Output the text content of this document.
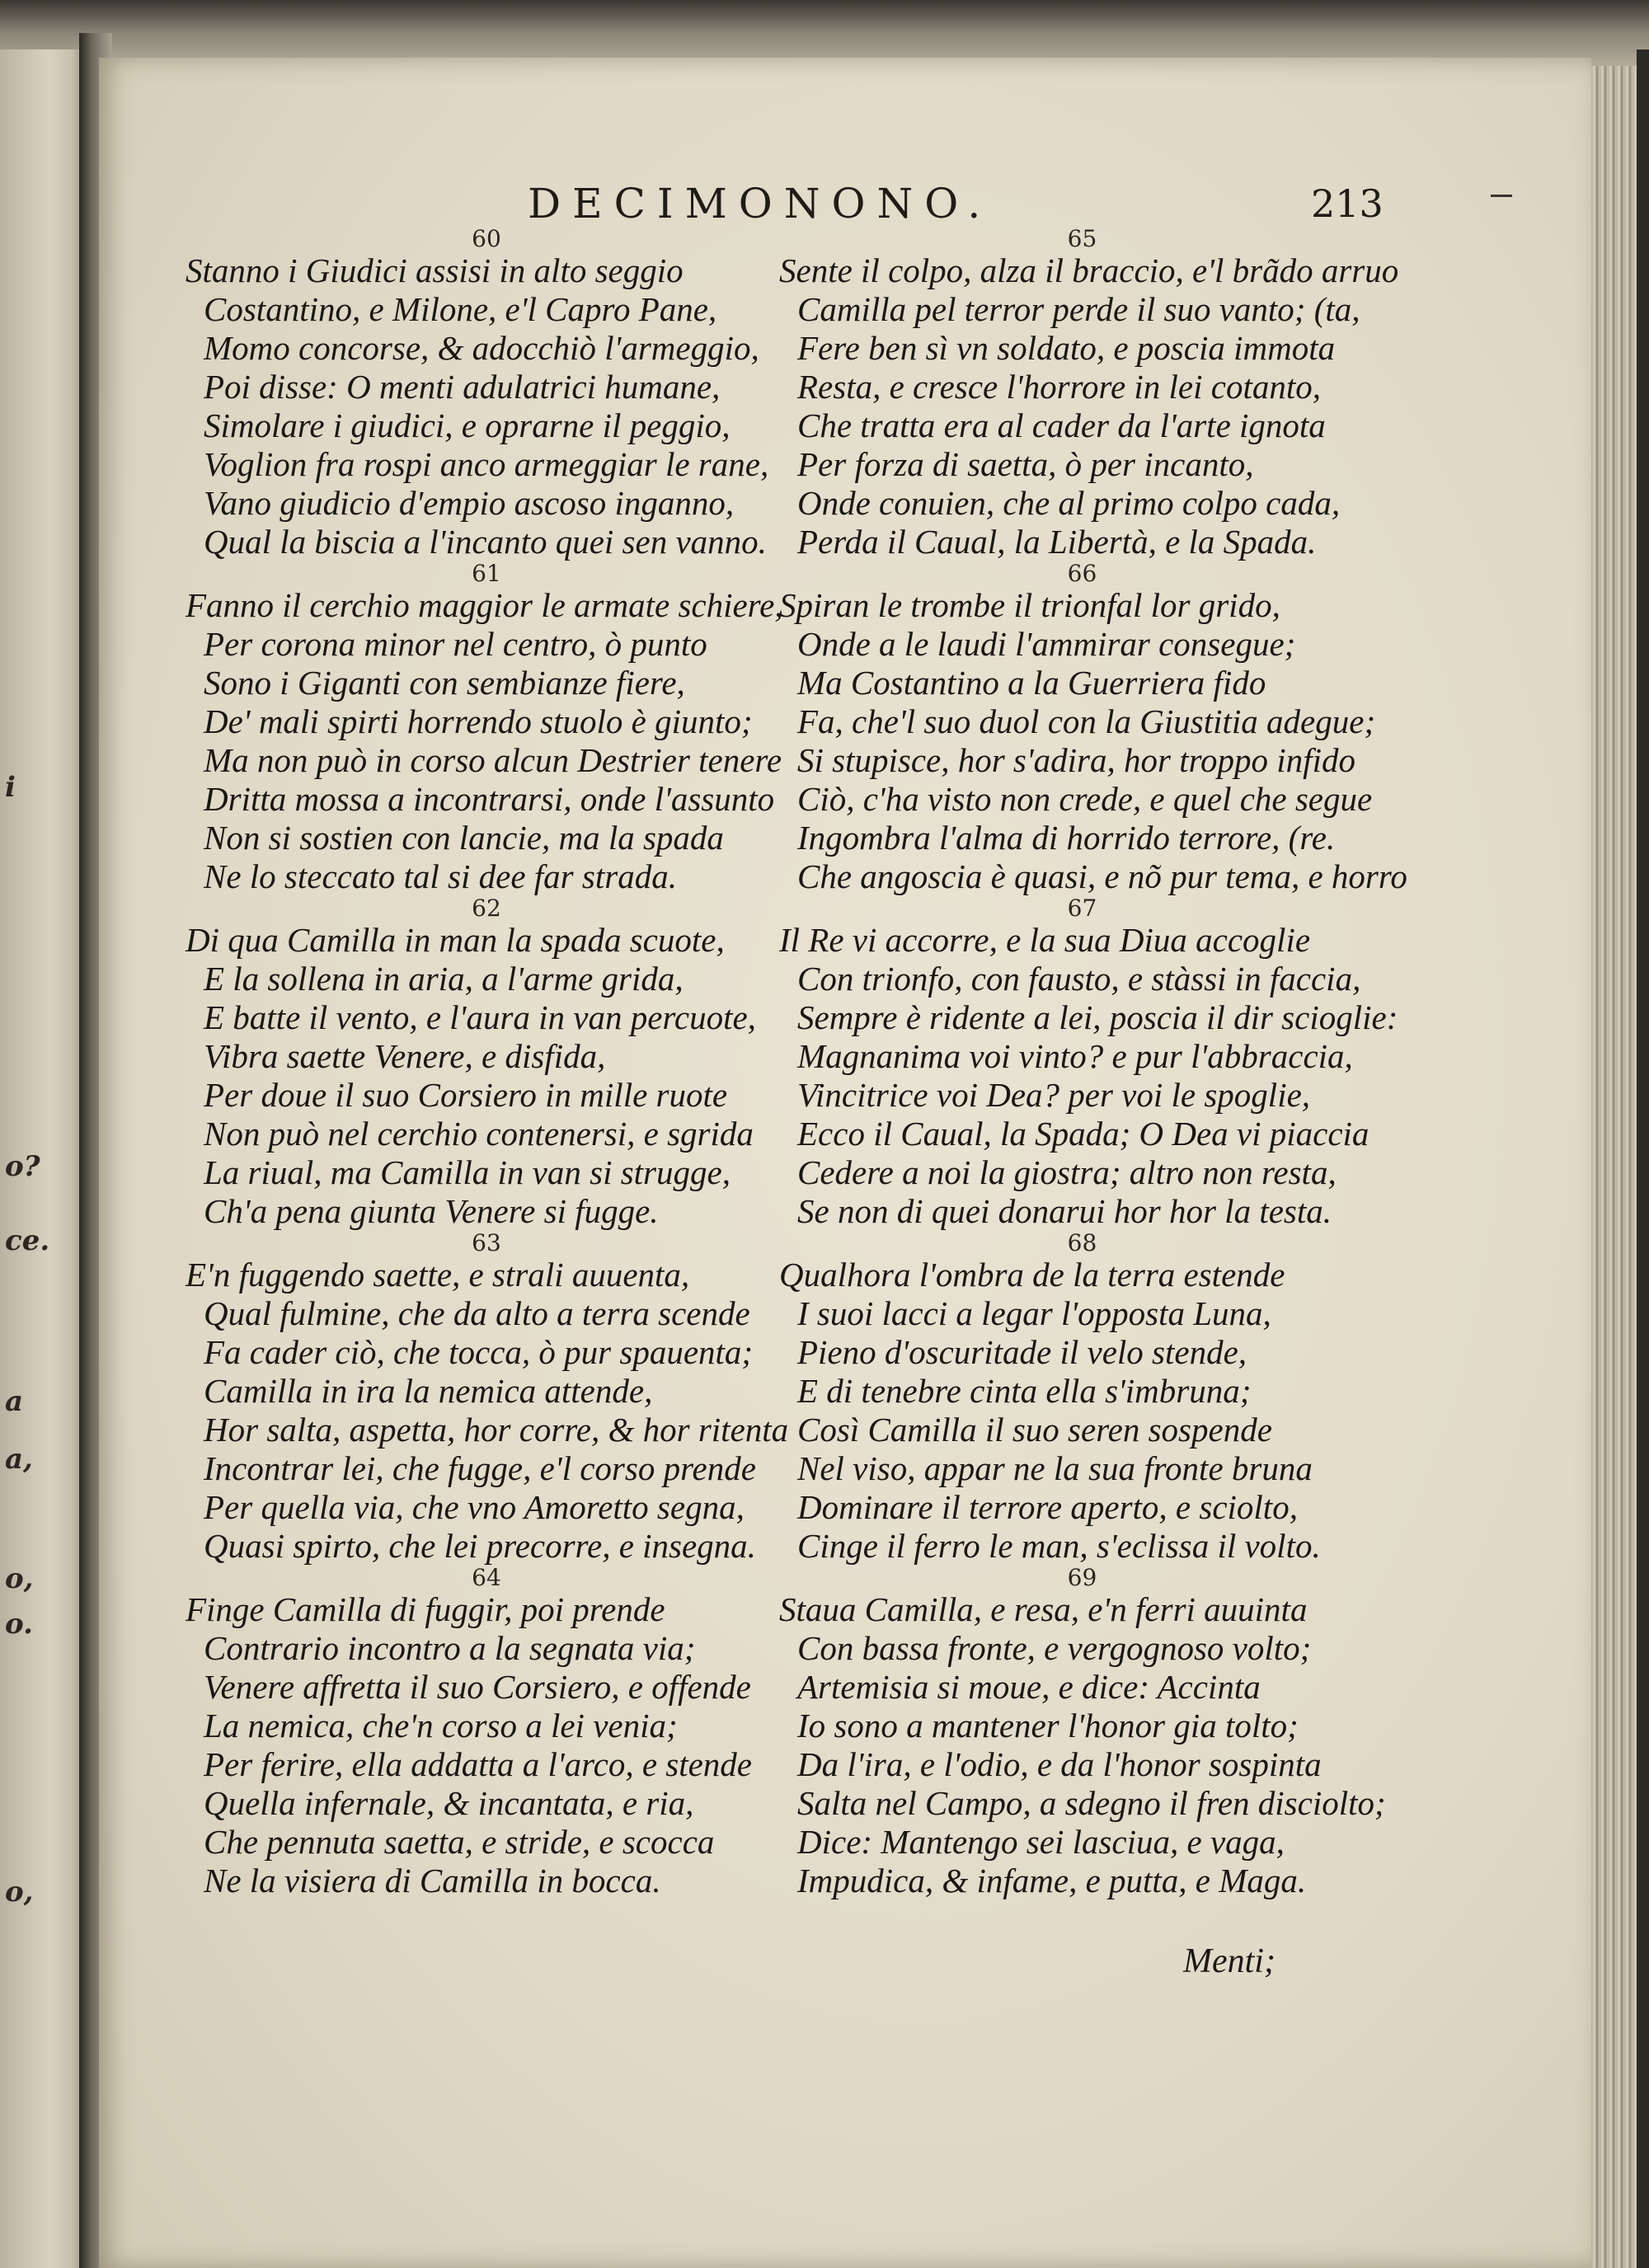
i
o?
ce.
a
a,
o,
o.
o,
DECIMONONO.	213
60
Stanno i Giudici assisi in alto seggio
Costantino, e Milone, e'l Capro Pane,
Momo concorse, & adocchiò l'armeggio,
Poi disse: O menti adulatrici humane,
Simolare i giudici, e oprarne il peggio,
Voglion fra rospi anco armeggiar le rane,
Vano giudicio d'empio ascoso inganno,
Qual la biscia a l'incanto quei sen vanno.
61
Fanno il cerchio maggior le armate schiere,
Per corona minor nel centro, ò punto
Sono i Giganti con sembianze fiere,
De' mali spirti horrendo stuolo è giunto;
Ma non può in corso alcun Destrier tenere
Dritta mossa a incontrarsi, onde l'assunto
Non si sostien con lancie, ma la spada
Ne lo steccato tal si dee far strada.
62
Di qua Camilla in man la spada scuote,
E la sollena in aria, a l'arme grida,
E batte il vento, e l'aura in van percuote,
Vibra saette Venere, e disfida,
Per doue il suo Corsiero in mille ruote
Non può nel cerchio contenersi, e sgrida
La riual, ma Camilla in van si strugge,
Ch'a pena giunta Venere si fugge.
63
E'n fuggendo saette, e strali auuenta,
Qual fulmine, che da alto a terra scende
Fa cader ciò, che tocca, ò pur spauenta;
Camilla in ira la nemica attende,
Hor salta, aspetta, hor corre, & hor ritenta
Incontrar lei, che fugge, e'l corso prende
Per quella via, che vno Amoretto segna,
Quasi spirto, che lei precorre, e insegna.
64
Finge Camilla di fuggir, poi prende
Contrario incontro a la segnata via;
Venere affretta il suo Corsiero, e offende
La nemica, che'n corso a lei venia;
Per ferire, ella addatta a l'arco, e stende
Quella infernale, & incantata, e ria,
Che pennuta saetta, e stride, e scocca
Ne la visiera di Camilla in bocca.
65
Sente il colpo, alza il braccio, e'l brãdo arruo
Camilla pel terror perde il suo vanto; (ta,
Fere ben sì vn soldato, e poscia immota
Resta, e cresce l'horrore in lei cotanto,
Che tratta era al cader da l'arte ignota
Per forza di saetta, ò per incanto,
Onde conuien, che al primo colpo cada,
Perda il Caual, la Libertà, e la Spada.
66
Spiran le trombe il trionfal lor grido,
Onde a le laudi l'ammirar consegue;
Ma Costantino a la Guerriera fido
Fa, che'l suo duol con la Giustitia adegue;
Si stupisce, hor s'adira, hor troppo infido
Ciò, c'ha visto non crede, e quel che segue
Ingombra l'alma di horrido terrore, (re.
Che angoscia è quasi, e nõ pur tema, e horro
67
Il Re vi accorre, e la sua Diua accoglie
Con trionfo, con fausto, e stàssi in faccia,
Sempre è ridente a lei, poscia il dir scioglie:
Magnanima voi vinto? e pur l'abbraccia,
Vincitrice voi Dea? per voi le spoglie,
Ecco il Caual, la Spada; O Dea vi piaccia
Cedere a noi la giostra; altro non resta,
Se non di quei donarui hor hor la testa.
68
Qualhora l'ombra de la terra estende
I suoi lacci a legar l'opposta Luna,
Pieno d'oscuritade il velo stende,
E di tenebre cinta ella s'imbruna;
Così Camilla il suo seren sospende
Nel viso, appar ne la sua fronte bruna
Dominare il terrore aperto, e sciolto,
Cinge il ferro le man, s'eclissa il volto.
69
Staua Camilla, e resa, e'n ferri auuinta
Con bassa fronte, e vergognoso volto;
Artemisia si moue, e dice: Accinta
Io sono a mantener l'honor gia tolto;
Da l'ira, e l'odio, e da l'honor sospinta
Salta nel Campo, a sdegno il fren disciolto;
Dice: Mantengo sei lasciua, e vaga,
Impudica, & infame, e putta, e Maga.
Menti;
